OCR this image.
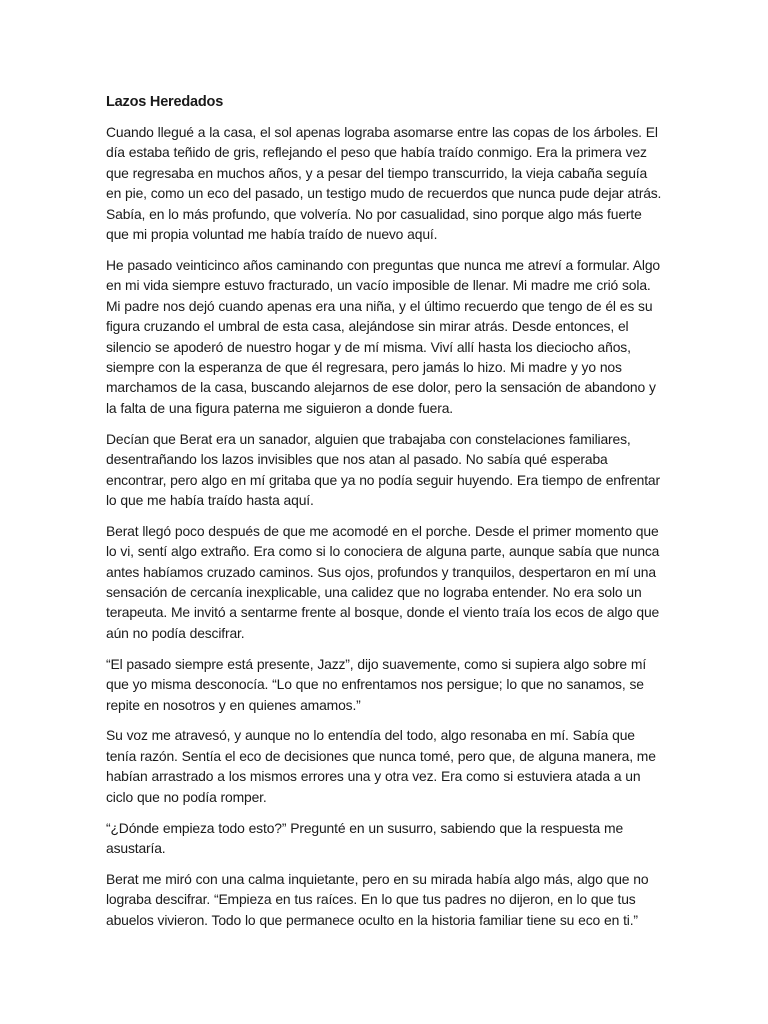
Lazos Heredados

Cuando llegué a la casa, el sol apenas lograba asomarse entre las copas de los árboles. El día estaba teñido de gris, reflejando el peso que había traído conmigo. Era la primera vez que regresaba en muchos años, y a pesar del tiempo transcurrido, la vieja cabaña seguía en pie, como un eco del pasado, un testigo mudo de recuerdos que nunca pude dejar atrás. Sabía, en lo más profundo, que volvería. No por casualidad, sino porque algo más fuerte que mi propia voluntad me había traído de nuevo aquí.

He pasado veinticinco años caminando con preguntas que nunca me atreví a formular. Algo en mi vida siempre estuvo fracturado, un vacío imposible de llenar. Mi madre me crió sola. Mi padre nos dejó cuando apenas era una niña, y el último recuerdo que tengo de él es su figura cruzando el umbral de esta casa, alejándose sin mirar atrás. Desde entonces, el silencio se apoderó de nuestro hogar y de mí misma. Viví allí hasta los dieciocho años, siempre con la esperanza de que él regresara, pero jamás lo hizo. Mi madre y yo nos marchamos de la casa, buscando alejarnos de ese dolor, pero la sensación de abandono y la falta de una figura paterna me siguieron a donde fuera.

Decían que Berat era un sanador, alguien que trabajaba con constelaciones familiares, desentrañando los lazos invisibles que nos atan al pasado. No sabía qué esperaba encontrar, pero algo en mí gritaba que ya no podía seguir huyendo. Era tiempo de enfrentar lo que me había traído hasta aquí.

Berat llegó poco después de que me acomodé en el porche. Desde el primer momento que lo vi, sentí algo extraño. Era como si lo conociera de alguna parte, aunque sabía que nunca antes habíamos cruzado caminos. Sus ojos, profundos y tranquilos, despertaron en mí una sensación de cercanía inexplicable, una calidez que no lograba entender. No era solo un terapeuta. Me invitó a sentarme frente al bosque, donde el viento traía los ecos de algo que aún no podía descifrar.

“El pasado siempre está presente, Jazz”, dijo suavemente, como si supiera algo sobre mí que yo misma desconocía. “Lo que no enfrentamos nos persigue; lo que no sanamos, se repite en nosotros y en quienes amamos.”

Su voz me atravesó, y aunque no lo entendía del todo, algo resonaba en mí. Sabía que tenía razón. Sentía el eco de decisiones que nunca tomé, pero que, de alguna manera, me habían arrastrado a los mismos errores una y otra vez. Era como si estuviera atada a un ciclo que no podía romper.

“¿Dónde empieza todo esto?” Pregunté en un susurro, sabiendo que la respuesta me asustaría.

Berat me miró con una calma inquietante, pero en su mirada había algo más, algo que no lograba descifrar. “Empieza en tus raíces. En lo que tus padres no dijeron, en lo que tus abuelos vivieron. Todo lo que permanece oculto en la historia familiar tiene su eco en ti.”
